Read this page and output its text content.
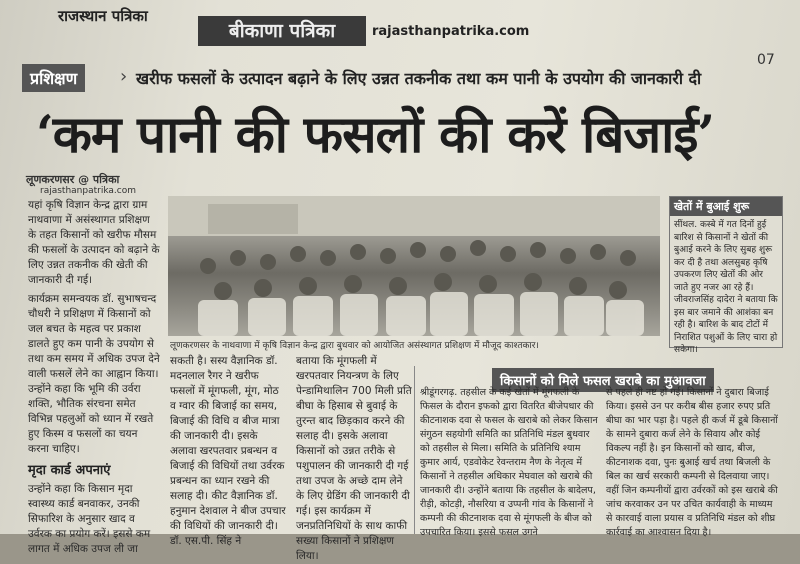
राजस्थान पत्रिका
बीकाणा पत्रिका	rajasthanpatrika.com
07
प्रशिक्षण	› खरीफ फसलों के उत्पादन बढ़ाने के लिए उन्नत तकनीक तथा कम पानी के उपयोग की जानकारी दी
‘कम पानी की फसलों की करें बिजाई’
लूणकरणसर @ पत्रिका
rajasthanpatrika.com

यहां कृषि विज्ञान केन्द्र द्वारा ग्राम नाथवाणा में असंस्थागत प्रशिक्षण के तहत किसानों को खरीफ मौसम की फसलों के उत्पादन को बढ़ाने के लिए उन्नत तकनीक की खेती की जानकारी दी गई।

कार्यक्रम समन्वयक डॉ. सुभाषचन्द चौधरी ने प्रशिक्षण में किसानों को जल बचत के महत्व पर प्रकाश डालते हुए कम पानी के उपयोग से तथा कम समय में अधिक उपज देने वाली फसलें लेने का आह्वान किया। उन्होंने कहा कि भूमि की उर्वरा शक्ति, भौतिक संरचना समेत विभिन्न पहलुओं को ध्यान में रखते हुए किस्म व फसलों का चयन करना चाहिए।

मृदा कार्ड अपनाएं

उन्होंने कहा कि किसान मृदा स्वास्थ्य कार्ड बनवाकर, उनकी सिफारिश के अनुसार खाद व उर्वरक का प्रयोग करें। इससे कम लागत में अधिक उपज ली जा

लूणकरणसर के नाथवाणा में कृषि विज्ञान केन्द्र द्वारा बुधवार को आयोजित असंस्थागत प्रशिक्षण में मौजूद काश्तकार।
सकती है। सस्य वैज्ञानिक डॉ. मदनलाल रैगर ने खरीफ फसलों में मूंगफली, मूंग, मोठ व ग्वार की बिजाई का समय, बिजाई की विधि व बीज मात्रा की जानकारी दी। इसके अलावा खरपतवार प्रबन्धन व बिजाई की विधियों तथा उर्वरक प्रबन्धन का ध्यान रखने की सलाह दी। कीट वैज्ञानिक डॉ. हनुमान देशवाल ने बीज उपचार की विधियों की जानकारी दी। डॉ. एस.पी. सिंह ने
बताया कि मूंगफली में खरपतवार नियन्त्रण के लिए पेन्डामिथालिन 700 मिली प्रति बीघा के हिसाब से बुवाई के तुरन्त बाद छिड़काव करने की सलाह दी। इसके अलावा किसानों को उन्नत तरीके से पशुपालन की जानकारी दी गई तथा उपज के अच्छे दाम लेने के लिए ग्रेडिंग की जानकारी दी गई। इस कार्यक्रम में जनप्रतिनिधियों के साथ काफी सख्या किसानों ने प्रशिक्षण लिया।
खेतों में बुआई शुरू
सींथल. कस्बे में गत दिनों हुई बारिश से किसानों ने खेतों की बुआई करने के लिए सुबह शुरू कर दी है तथा अलसुबह कृषि उपकरण लिए खेतों की ओर जाते हुए नजर आ रहे हैं। जीवराजसिंह दादेरा ने बताया कि इस बार जमाने की आशंका बन रही है। बारिश के बाद टोटों में निराशित पशुओं के लिए चारा हो सकेगा।
किसानों को मिले फसल खराबे का मुआवजा
श्रीडूंगरगढ़. तहसील के कई खेतों में मूंगफली के फिसल के दौरान इफको द्वारा वितरित बीजेपधार की कीटनाशक दवा से फसल के खराबे को लेकर किसान संगुठन सहयोगी समिति का प्रतिनिधि मंडल बुधवार को तहसील से मिला। समिति के प्रतिनिधि श्याम कुमार आर्य, एडवोकेट रेवन्तराम नैण के नेतृत्व में किसानों ने तहसील अधिकार मेघवाल को खराबे की जानकारी दी। उन्होंने बताया कि तहसील के बादेलप, रीड़ी, कोटड़ी, नौसरिया व उप्पनी गांव के किसानों ने कम्पनी की कीटनाशक दवा से मूंगफली के बीज को उपचारित किया। इससे फसल उगने
से पहले ही नष्ट हो गई। किसानों ने दुबारा बिजाई किया। इससे उन पर करीब बीस हजार रुपए प्रति बीघा का भार पड़ा है। पहले ही कर्ज में डूबे किसानों के सामने दुबारा कर्ज लेने के सिवाय और कोई विकल्प नहीं है। इन किसानों को खाद, बीज, कीटनाशक दवा, पुनः बुआई खर्च तथा बिजली के बिल का खर्च सरकारी कम्पनी से दिलवाया जाए। वहीं जिन कम्पनीयों द्वारा उर्वरकों को इस खराबे की जांच करवाकर उन पर उचित कार्यवाही के माध्यम से कारवाई वाला प्रयास व प्रतिनिधि मंडल को शीघ्र कार्रवाई का आश्वासन दिया है।
